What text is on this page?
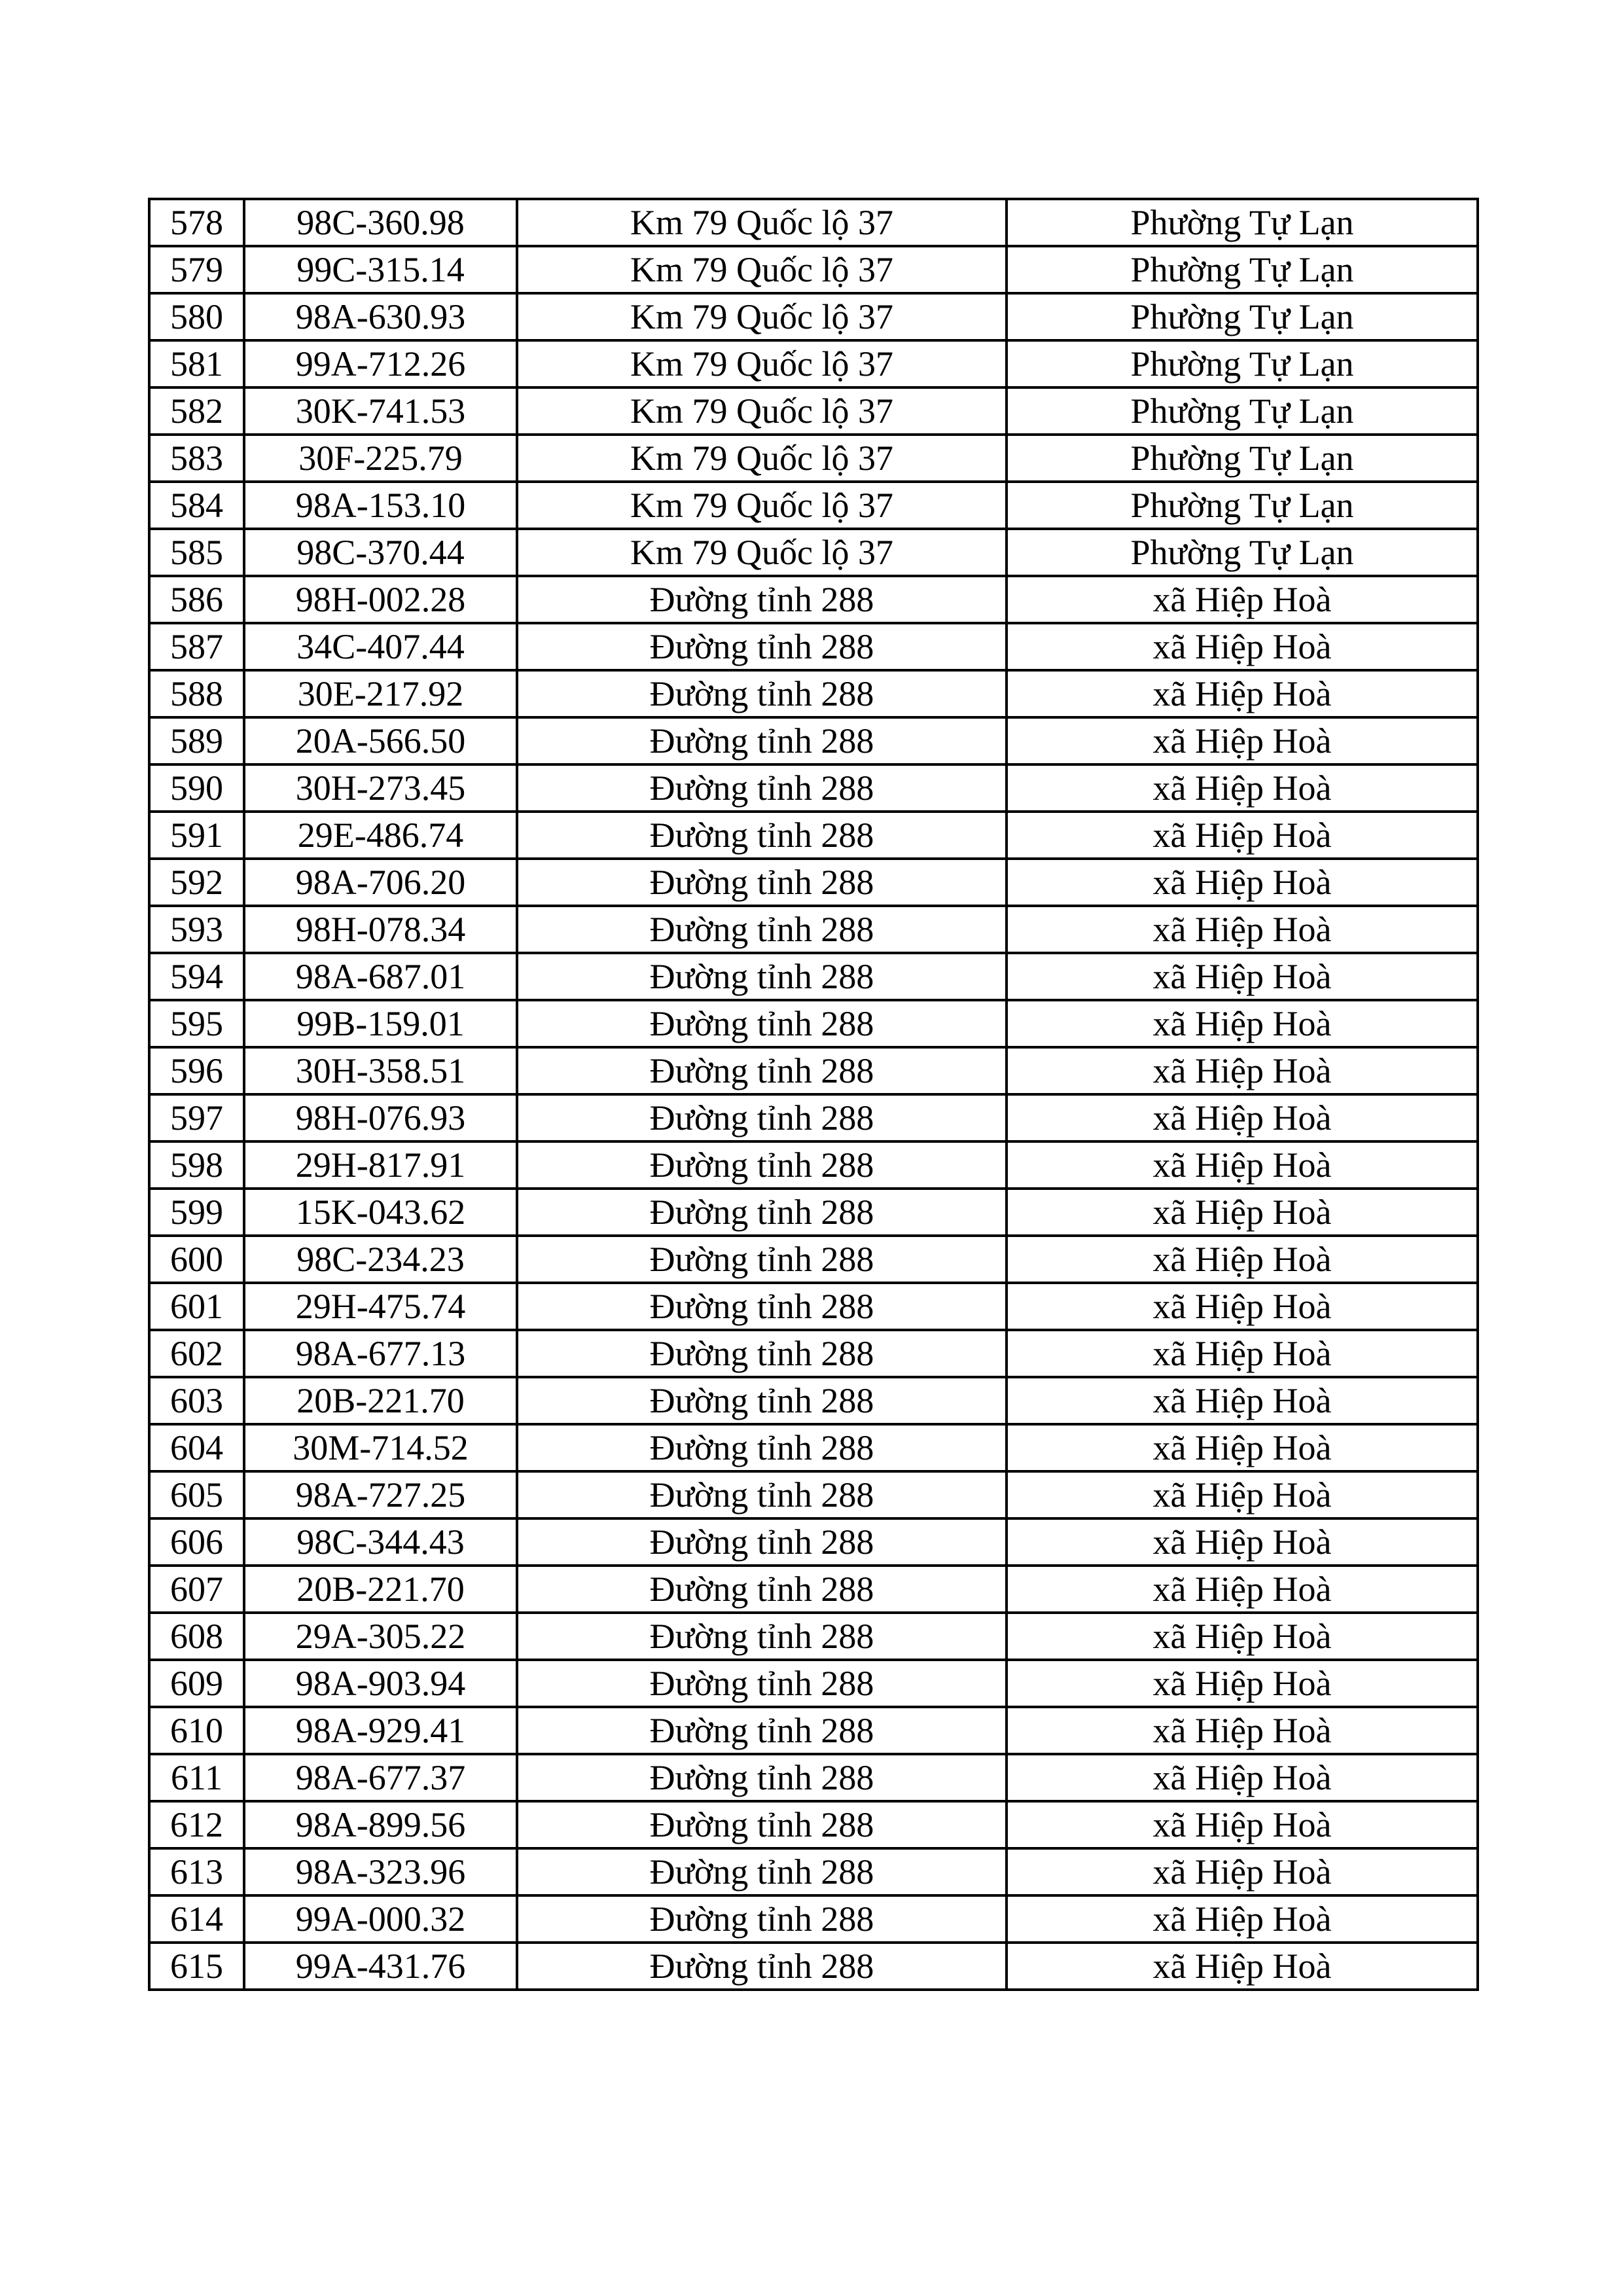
578	98C-360.98	Km 79 Quốc lộ 37	Phường Tự Lạn
579	99C-315.14	Km 79 Quốc lộ 37	Phường Tự Lạn
580	98A-630.93	Km 79 Quốc lộ 37	Phường Tự Lạn
581	99A-712.26	Km 79 Quốc lộ 37	Phường Tự Lạn
582	30K-741.53	Km 79 Quốc lộ 37	Phường Tự Lạn
583	30F-225.79	Km 79 Quốc lộ 37	Phường Tự Lạn
584	98A-153.10	Km 79 Quốc lộ 37	Phường Tự Lạn
585	98C-370.44	Km 79 Quốc lộ 37	Phường Tự Lạn
586	98H-002.28	Đường tỉnh 288	xã Hiệp Hoà
587	34C-407.44	Đường tỉnh 288	xã Hiệp Hoà
588	30E-217.92	Đường tỉnh 288	xã Hiệp Hoà
589	20A-566.50	Đường tỉnh 288	xã Hiệp Hoà
590	30H-273.45	Đường tỉnh 288	xã Hiệp Hoà
591	29E-486.74	Đường tỉnh 288	xã Hiệp Hoà
592	98A-706.20	Đường tỉnh 288	xã Hiệp Hoà
593	98H-078.34	Đường tỉnh 288	xã Hiệp Hoà
594	98A-687.01	Đường tỉnh 288	xã Hiệp Hoà
595	99B-159.01	Đường tỉnh 288	xã Hiệp Hoà
596	30H-358.51	Đường tỉnh 288	xã Hiệp Hoà
597	98H-076.93	Đường tỉnh 288	xã Hiệp Hoà
598	29H-817.91	Đường tỉnh 288	xã Hiệp Hoà
599	15K-043.62	Đường tỉnh 288	xã Hiệp Hoà
600	98C-234.23	Đường tỉnh 288	xã Hiệp Hoà
601	29H-475.74	Đường tỉnh 288	xã Hiệp Hoà
602	98A-677.13	Đường tỉnh 288	xã Hiệp Hoà
603	20B-221.70	Đường tỉnh 288	xã Hiệp Hoà
604	30M-714.52	Đường tỉnh 288	xã Hiệp Hoà
605	98A-727.25	Đường tỉnh 288	xã Hiệp Hoà
606	98C-344.43	Đường tỉnh 288	xã Hiệp Hoà
607	20B-221.70	Đường tỉnh 288	xã Hiệp Hoà
608	29A-305.22	Đường tỉnh 288	xã Hiệp Hoà
609	98A-903.94	Đường tỉnh 288	xã Hiệp Hoà
610	98A-929.41	Đường tỉnh 288	xã Hiệp Hoà
611	98A-677.37	Đường tỉnh 288	xã Hiệp Hoà
612	98A-899.56	Đường tỉnh 288	xã Hiệp Hoà
613	98A-323.96	Đường tỉnh 288	xã Hiệp Hoà
614	99A-000.32	Đường tỉnh 288	xã Hiệp Hoà
615	99A-431.76	Đường tỉnh 288	xã Hiệp Hoà
